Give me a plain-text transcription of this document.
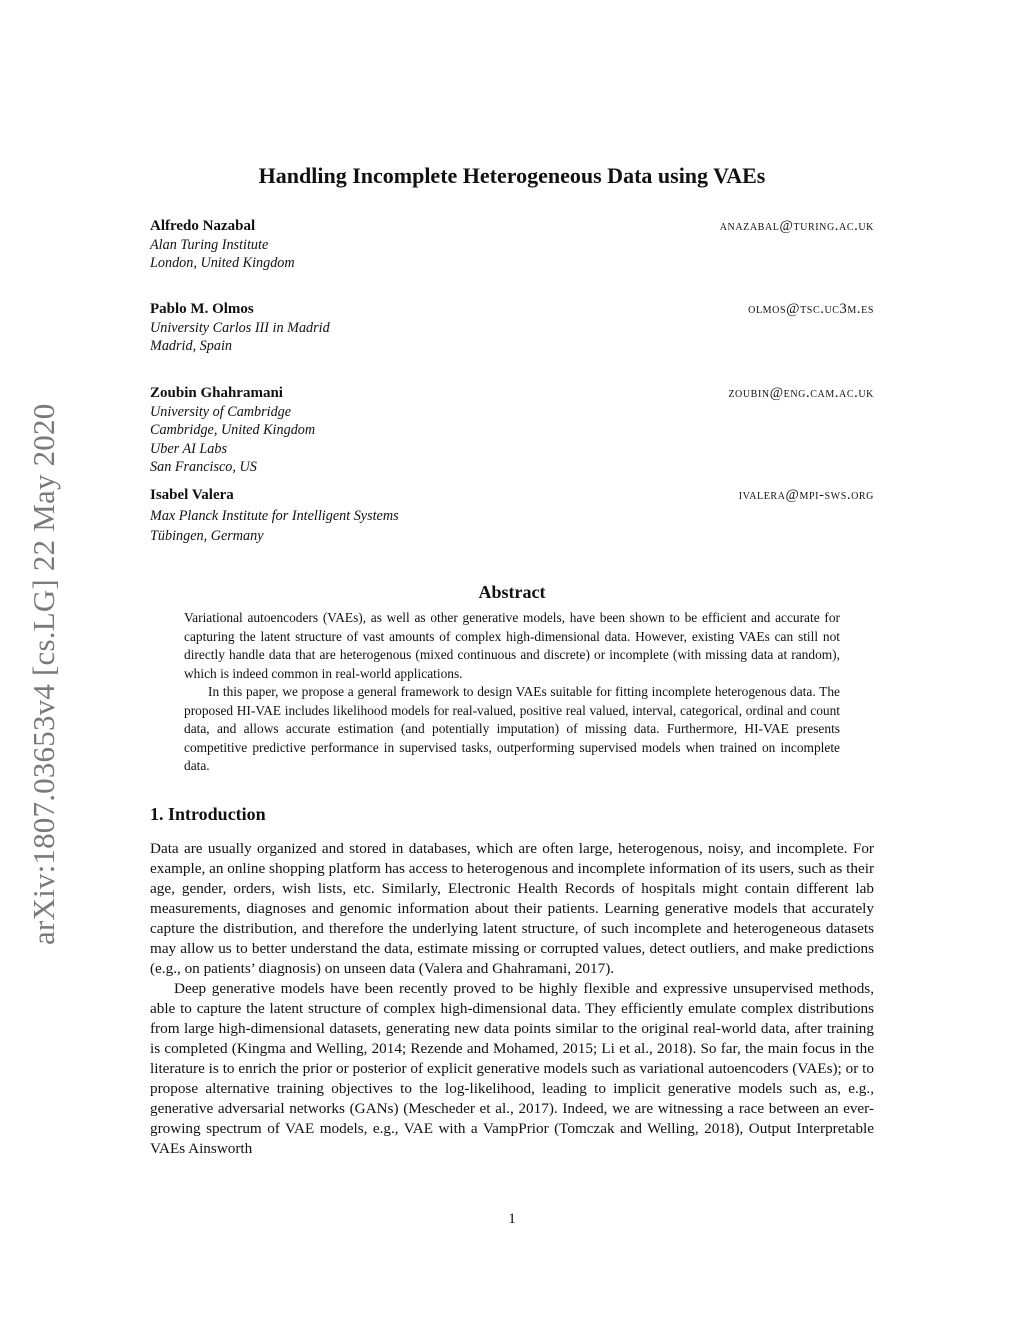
arXiv:1807.03653v4 [cs.LG] 22 May 2020
Handling Incomplete Heterogeneous Data using VAEs
Alfredo Nazabal
Alan Turing Institute
London, United Kingdom
anazabal@turing.ac.uk
Pablo M. Olmos
University Carlos III in Madrid
Madrid, Spain
olmos@tsc.uc3m.es
Zoubin Ghahramani
University of Cambridge
Cambridge, United Kingdom
Uber AI Labs
San Francisco, US
zoubin@eng.cam.ac.uk
Isabel Valera
Max Planck Institute for Intelligent Systems
Tübingen, Germany
ivalera@mpi-sws.org
Abstract

Variational autoencoders (VAEs), as well as other generative models, have been shown to be efficient and accurate for capturing the latent structure of vast amounts of complex high-dimensional data. However, existing VAEs can still not directly handle data that are heterogenous (mixed continuous and discrete) or incomplete (with missing data at random), which is indeed common in real-world applications.

In this paper, we propose a general framework to design VAEs suitable for fitting incomplete heterogenous data. The proposed HI-VAE includes likelihood models for real-valued, positive real valued, interval, categorical, ordinal and count data, and allows accurate estimation (and potentially imputation) of missing data. Furthermore, HI-VAE presents competitive predictive performance in supervised tasks, outperforming supervised models when trained on incomplete data.

1. Introduction

Data are usually organized and stored in databases, which are often large, heterogenous, noisy, and incomplete. For example, an online shopping platform has access to heterogenous and incomplete information of its users, such as their age, gender, orders, wish lists, etc. Similarly, Electronic Health Records of hospitals might contain different lab measurements, diagnoses and genomic information about their patients. Learning generative models that accurately capture the distribution, and therefore the underlying latent structure, of such incomplete and heterogeneous datasets may allow us to better understand the data, estimate missing or corrupted values, detect outliers, and make predictions (e.g., on patients’ diagnosis) on unseen data (Valera and Ghahramani, 2017).

Deep generative models have been recently proved to be highly flexible and expressive unsupervised methods, able to capture the latent structure of complex high-dimensional data. They efficiently emulate complex distributions from large high-dimensional datasets, generating new data points similar to the original real-world data, after training is completed (Kingma and Welling, 2014; Rezende and Mohamed, 2015; Li et al., 2018). So far, the main focus in the literature is to enrich the prior or posterior of explicit generative models such as variational autoencoders (VAEs); or to propose alternative training objectives to the log-likelihood, leading to implicit generative models such as, e.g., generative adversarial networks (GANs) (Mescheder et al., 2017). Indeed, we are witnessing a race between an ever-growing spectrum of VAE models, e.g., VAE with a VampPrior (Tomczak and Welling, 2018), Output Interpretable VAEs Ainsworth

1
